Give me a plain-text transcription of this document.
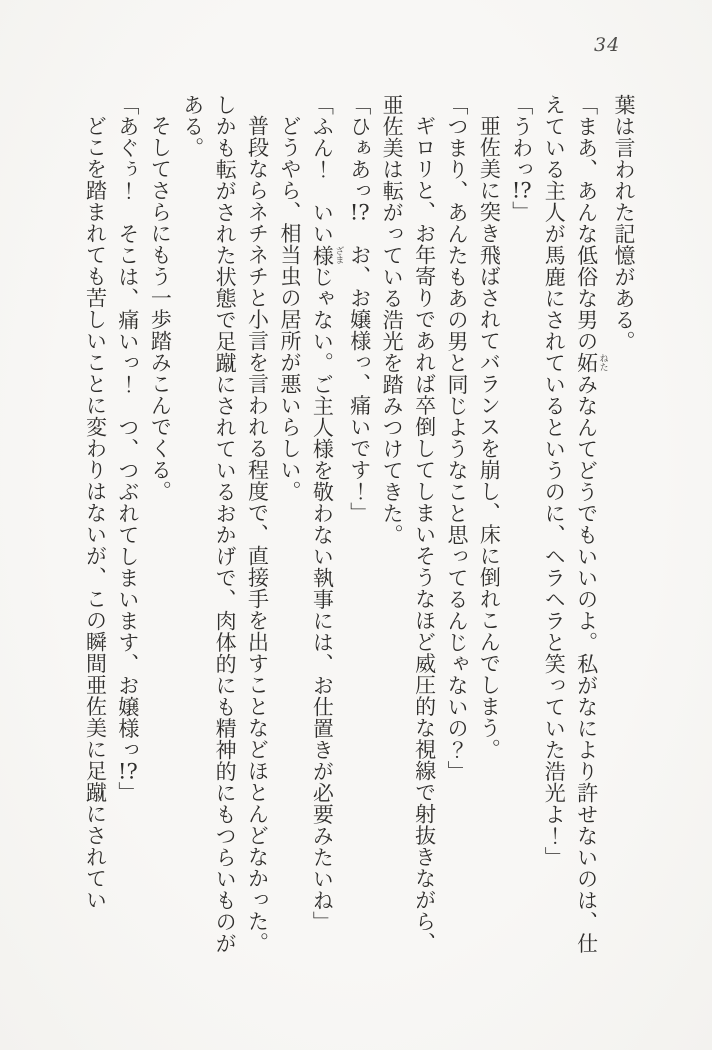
34

葉は言われた記憶がある。

「まあ、あんな低俗な男の妬 ねたみなんてどうでもいいのよ。私がなにより許せないのは、仕えている主人が馬鹿にされているというのに、ヘラヘラと笑っていた浩光よ！」

「うわっ!?」

亜佐美に突き飛ばされてバランスを崩し、床に倒れこんでしまう。

「つまり、あんたもあの男と同じようなこと思ってるんじゃないの？」

ギロリと、お年寄りであれば卒倒してしまいそうなほど威圧的な視線で射抜きながら、亜佐美は転がっている浩光を踏みつけてきた。

「ひぁあっ!?　お、お嬢様っ、痛いです！」

「ふん！　いい様 ざまじゃない。ご主人様を敬わない執事には、お仕置きが必要みたいね」

どうやら、相当虫の居所が悪いらしい。

普段ならネチネチと小言を言われる程度で、直接手を出すことなどほとんどなかった。しかも転がされた状態で足蹴にされているおかげで、肉体的にも精神的にもつらいものがある。

そしてさらにもう一歩踏みこんでくる。

「あぐぅ！　そこは、痛いっ！　つ、つぶれてしまいます、お嬢様っ!?」

どこを踏まれても苦しいことに変わりはないが、この瞬間亜佐美に足蹴にされてい
